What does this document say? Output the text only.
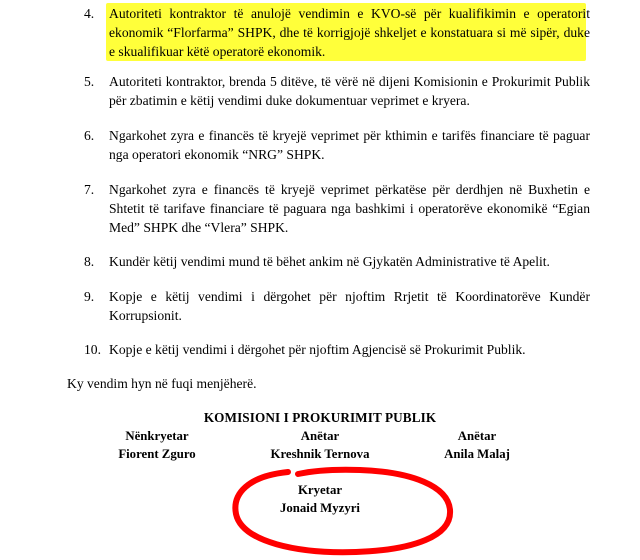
4. Autoriteti kontraktor të anulojë vendimin e KVO-së për kualifikimin e operatorit ekonomik “Florfarma” SHPK, dhe të korrigjojë shkeljet e konstatuara si më sipër, duke e skualifikuar këtë operatorë ekonomik.
5. Autoriteti kontraktor, brenda 5 ditëve, të vërë në dijeni Komisionin e Prokurimit Publik për zbatimin e këtij vendimi duke dokumentuar veprimet e kryera.
6. Ngarkohet zyra e financës të kryejë veprimet për kthimin e tarifës financiare të paguar nga operatori ekonomik “NRG” SHPK.
7. Ngarkohet zyra e financës të kryejë veprimet përkatëse për derdhjen në Buxhetin e Shtetit të tarifave financiare të paguara nga bashkimi i operatorëve ekonomikë “Egian Med” SHPK dhe “Vlera” SHPK.
8. Kundër këtij vendimi mund të bëhet ankim në Gjykatën Administrative të Apelit.
9. Kopje e këtij vendimi i dërgohet për njoftim Rrjetit të Koordinatorëve Kundër Korrupsionit.
10. Kopje e këtij vendimi i dërgohet për njoftim Agjencisë së Prokurimit Publik.
Ky vendim hyn në fuqi menjëherë.
KOMISIONI I PROKURIMIT PUBLIK
Nënkryetar
Fiorent Zguro
Anëtar
Kreshnik Ternova
Anëtar
Anila Malaj
Kryetar
Jonaid Myzyri
